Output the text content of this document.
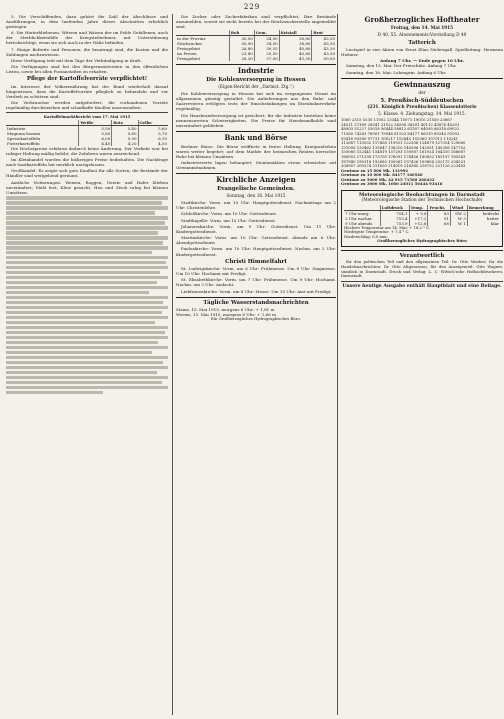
229

5. Die Verschiffenden, dazu gehört die Zahl der Abschlüsse und Ausführungen, in dem laufenden Jahre dieses Abschnittes erheblich gestiegen.

6. Die Hinterbliebenen, Witwen und Waisen der im Felde Gefallenen, auch der Sterblichkeitsfälle der Kriegsteilnehmer, mit Unterstützung berücksichtigt, wenn sie sich auch in der Nähe befinden.

7. Einige Befreite und Personen, die beantragt sind, die Kosten und die Zahlungen nachzuweisen.

Diese Verfügung tritt mit dem Tage der Verkündigung in Kraft.

Die Verfügungen sind bei den Bürgermeistereien in den öffentlichen Listen, sowie bei allen Postanstalten zu erhalten.

Pflege der Kartoffelvorräte verpflichtet!

Im Interesse der Volksernährung hat der Bund wiederholt darauf hingewiesen, dass die Kartoffelvorräte pfleglich zu behandeln und vor Verderb zu schützen sind.

Die Verbraucher werden aufgefordert, die vorhandenen Vorräte regelmäßig durchzusehen und schadhafte Knollen auszusondern.

Kartoffelmarktbericht vom 17. Mai 1915
	Weiße	Rote	Gelbe
Industrie	5,50	5,40	5,60
Magnum bonum	5,80	5,60	5,70
Speisekartoffeln	6,00	5,90	6,10
Futterkartoffeln	4,40	4,20	4,50

Die Höchstpreise erfahren dadurch keine Änderung. Der Verkehr war bei ruhiger Haltung mäßig belebt; die Zufuhren waren ausreichend.

Im Kleinhandel wurden die bisherigen Preise beibehalten. Die Nachfrage nach Saatkartoffeln hat merklich nachgelassen.

Großhandel: Es zeigte sich gute Kauflust für alle Sorten; die Bestände der Händler sind weitgehend geräumt.

Amtliche Notierungen: Weizen, Roggen, Gerste und Hafer blieben unverändert; Mehl fest, Kleie gesucht, Heu und Stroh ruhig bei kleinen Umsätzen.

Die Zucker oder Zuckerfabriken sind verpflichtet, Ihre Bestände anzumelden, soweit sie nicht bereits bei der Reichszuckerstelle angemeldet sind.

	Roh	Gem.	Kristall	Brot
in der Provinz	30,90	34,50	38,80	43,30
Stückzucker	30,90	34,50	38,80	43,30
Preisgebiet	26,80	30,55	40,80	43,30
im Freien	23,80	25,50	40,80	43,30
Preisgebiet	28,30	37,00	43,30	50,00
Industrie
Die Kohlenversorgung in Hessen
(Eigen-Bericht der „Darmst. Ztg.“)

Die Kohlenversorgung in Hessen hat sich im vergangenen Monat im allgemeinen günstig gestaltet. Die Anlieferungen aus den Ruhr- und Saarrevieren erfolgten trotz der Einschränkungen im Eisenbahnverkehr regelmäßig.

Die Hausbrandversorgung ist gesichert; für die Industrie bestehen keine nennenswerten Schwierigkeiten. Die Preise für Hausbrandkohle sind unverändert geblieben.

Bank und Börse

Berliner Börse. Die Börse eröffnete in fester Haltung. Kriegsanleihen waren weiter begehrt; auf dem Markte der heimischen Renten herrschte Ruhe bei kleinen Umsätzen.

Industriewerte lagen behauptet; Montanaktien etwas schwächer auf Gewinnmitnahmen.

Kirchliche Anzeigen
Evangelische Gemeinden.
Sonntag, den 16. Mai 1915

Stadtkirche: Vorm. um 10 Uhr: Hauptgottesdienst. Nachmittags um 2 Uhr: Christenlehre.

Schloßkirche: Vorm. um 10 Uhr: Gottesdienst.

Stadtkapelle: Vorm. um 10 Uhr: Gottesdienst.

Johanneskirche: Vorm. um 9 Uhr: Gottesdienst. Um 11 Uhr: Kindergottesdienst.

Martinskirche: Vorm. um 10 Uhr: Gottesdienst. Abends um 6 Uhr: Abendgottesdienst.

Pauluskirche: Vorm. um 10 Uhr: Hauptgottesdienst. Nachm. um 2 Uhr: Kindergottesdienst.

Christi Himmelfahrt

St. Ludwigskirche: Vorm. um 6 Uhr: Frühmesse. Um 8 Uhr: Singmesse. Um 10 Uhr: Hochamt mit Predigt.

St. Elisabethkirche: Vorm. um 7 Uhr: Frühmesse. Um 9 Uhr: Hochamt. Nachm. um 3 Uhr: Andacht.

Liebfrauenkirche: Vorm. um 8 Uhr: Messe. Um 10 Uhr: Amt mit Predigt.

Tägliche Wasserstandsnachrichten
Mainz, 15. Mai 1915, morgens 6 Uhr: + 1,81 m
Worms, 15. Mai 1915, morgens 6 Uhr: + 1,66 m
Ein Großherzogliches Hydrographisches Büro.
Großherzogliches Hoftheater
Freitag, den 14. Mai 1915
D 40. 55. Abonnements-Vorstellung D 40
Tatterich

Lustspiel in vier Akten von Ernst Elias Niebergall. Spielleitung: Hermann Hiebner.

Anfang 7 Uhr. — Ende gegen 10 Uhr.

Samstag, den 15. Mai: Der Freischütz. Anfang 7 Uhr.

Sonntag, den 16. Mai: Lohengrin. Anfang 6 Uhr.

Gewinnauszug
der
5. Preußisch-Süddeutschen
(231. Königlich Preußischen) Klassenlotterie
5. Klasse. 4. Ziehungstag. 14. Mai 1915.
1060 2315 5530 11002 13344 15071 19010 21550 23667
24011 27160 28541 31022 34556 38291 40112 43876 45201
48903 51227 53018 56444 58812 61307 64095 66318 69022
71560 74283 76901 79046 81523 84177 86310 89245 91002
93416 95580 97731 100217 102845 105360 107913 110241
112687 115032 117458 119921 122306 124879 127314 129660
131095 133462 135847 138210 140596 142931 145308 147702
150085 152441 154819 157203 159567 161924 164310 166687
168952 171338 173705 176091 178456 180832 183197 185563
187940 190318 192685 195061 197426 199804 202175 204531
206907 209274 211650 214019 216385 218752 221126 223493
Gewinne zu 15 000 Mk. 131992
Gewinne zu 10 000 Mk. 84177 160540
Gewinne zu 5000 Mk. 42 915 71560 200432
Gewinne zu 3000 Mk. 1060 24011 56444 93416
Meteorologische Beobachtungen in Darmstadt
(Meteorologische Station der Technischen Hochschule)
	Luftdruck	Temp.	Feucht.	Wind	Bemerkung
7 Uhr morg.	754,1	+ 9,6	83	SW 2	bedeckt
2 Uhr nachm.	753,4	+17,2	51	W 3	heiter
9 Uhr abends	753,9	+12,8	68	W 1	klar
Höchste Temperatur am 14. Mai: + 18,2 ° C.
Niedrigste Temperatur: + 7,4 ° C.
Niederschlag: 0,0 mm.
Großherzogliches Hydrographisches Büro
Verantwortlich

für den politischen Teil und den allgemeinen Teil: Dr. Otto Waeber; für die Handelsnachrichten: Dr. Otto Altgenossen; für den Anzeigenteil: Otto Wagner, sämtlich in Darmstadt. Druck und Verlag: L. C. Wittich'sche Hofbuchdruckerei, Darmstadt.

Unsere heutige Ausgabe enthält Hauptblatt und eine Beilage.
